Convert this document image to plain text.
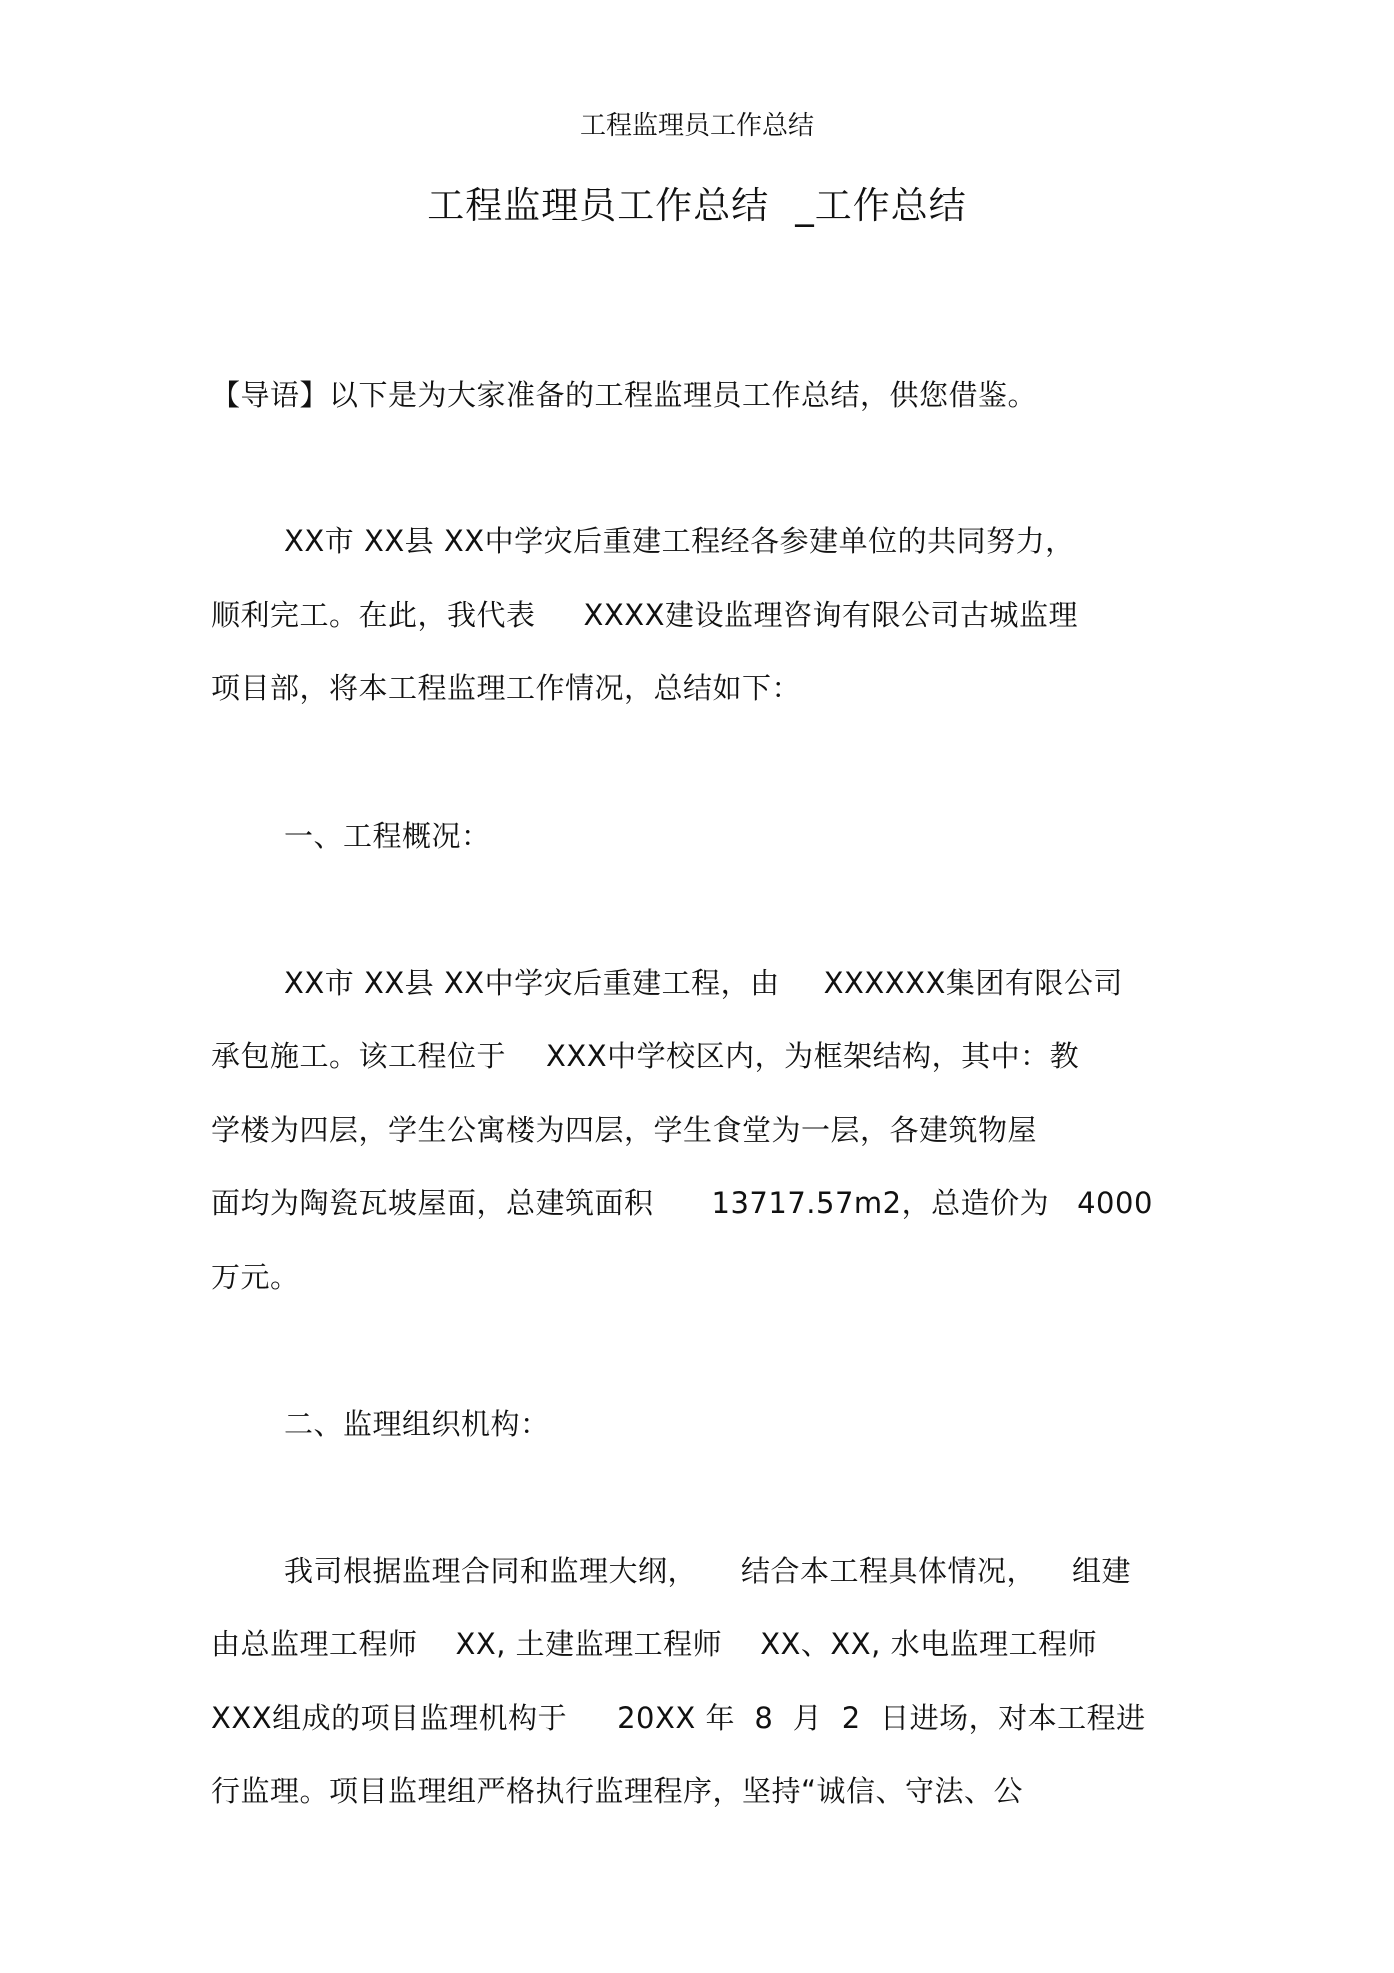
工程监理员工作总结

工程监理员工作总结 _工作总结

【导语】以下是为大家准备的工程监理员工作总结，供您借鉴。

XX市 XX县 XX中学灾后重建工程经各参建单位的共同努力，

顺利完工。在此，我代表 XXXX建设监理咨询有限公司古城监理

项目部，将本工程监理工作情况，总结如下：

一、工程概况：

XX市 XX县 XX中学灾后重建工程，由 XXXXXX集团有限公司

承包施工。该工程位于 XXX中学校区内，为框架结构，其中：教

学楼为四层，学生公寓楼为四层，学生食堂为一层，各建筑物屋

面均为陶瓷瓦坡屋面，总建筑面积 13717.57m2，总造价为 4000

万元。

二、监理组织机构：

我司根据监理合同和监理大纲， 结合本工程具体情况， 组建

由总监理工程师 XX, 土建监理工程师 XX、XX, 水电监理工程师

XXX组成的项目监理机构于 20XX 年  8  月  2  日进场，对本工程进

行监理。项目监理组严格执行监理程序，坚持“诚信、守法、公
